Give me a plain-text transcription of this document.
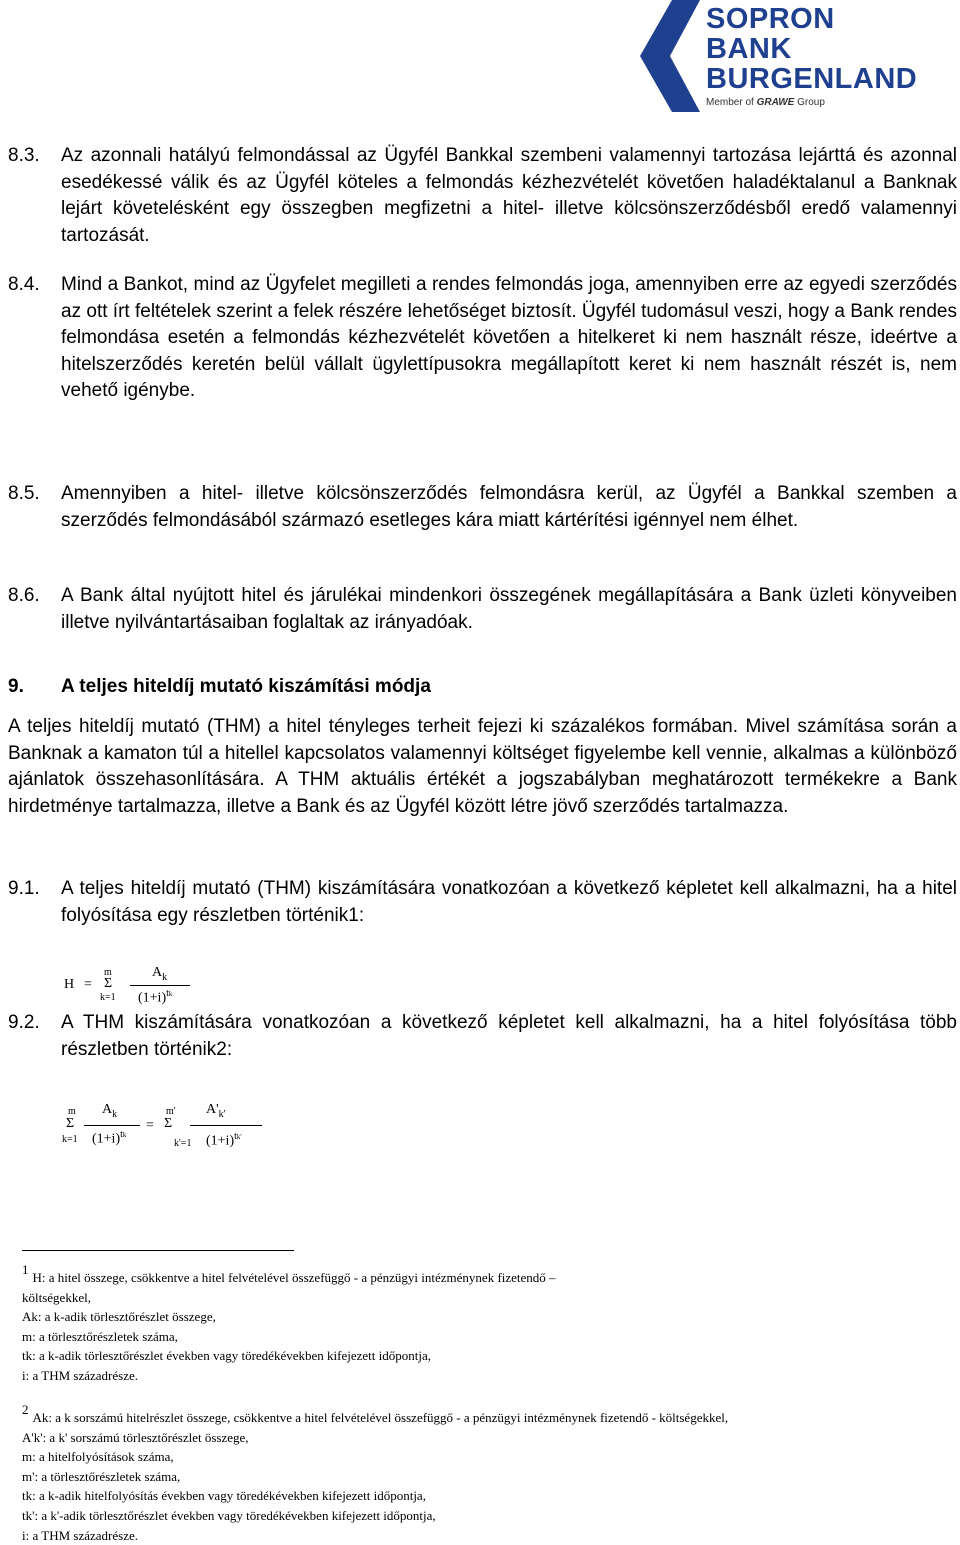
SOPRON
BANK
BURGENLAND
Member of GRAWE Group
8.3.	Az azonnali hatályú felmondással az Ügyfél Bankkal szembeni valamennyi tartozása lejárttá és azonnal esedékessé válik és az Ügyfél köteles a felmondás kézhezvételét követően haladéktalanul a Banknak lejárt követelésként egy összegben megfizetni a hitel- illetve kölcsönszerződésből eredő valamennyi tartozását.
8.4.	Mind a Bankot, mind az Ügyfelet megilleti a rendes felmondás joga, amennyiben erre az egyedi szerződés az ott írt feltételek szerint a felek részére lehetőséget biztosít. Ügyfél tudomásul veszi, hogy a Bank rendes felmondása esetén a felmondás kézhezvételét követően a hitelkeret ki nem használt része, ideértve a hitelszerződés keretén belül vállalt ügylettípusokra megállapított keret ki nem használt részét is, nem vehető igénybe.
8.5.	Amennyiben a hitel- illetve kölcsönszerződés felmondásra kerül, az Ügyfél a Bankkal szemben a szerződés felmondásából származó esetleges kára miatt kártérítési igénnyel nem élhet.
8.6.	A Bank által nyújtott hitel és járulékai mindenkori összegének megállapítására a Bank üzleti könyveiben illetve nyilvántartásaiban foglaltak az irányadóak.
9.	A teljes hiteldíj mutató kiszámítási módja
A teljes hiteldíj mutató (THM) a hitel tényleges terheit fejezi ki százalékos formában. Mivel számítása során a Banknak a kamaton túl a hitellel kapcsolatos valamennyi költséget figyelembe kell vennie, alkalmas a különböző ajánlatok összehasonlítására. A THM aktuális értékét a jogszabályban meghatározott termékekre a Bank hirdetménye tartalmazza, illetve a Bank és az Ügyfél között létre jövő szerződés tartalmazza.
9.1.	A teljes hiteldíj mutató (THM) kiszámítására vonatkozóan a következő képletet kell alkalmazni, ha a hitel folyósítása egy részletben történik1:
H =
m
Σ
k=1
$A_k$
$(1+i)^{tk}$
9.2.	A THM kiszámítására vonatkozóan a következő képletet kell alkalmazni, ha a hitel folyósítása több részletben történik2:
m
Σ
k=1
$A_k$
$(1+i)^{tk}$
=
m'
Σ
k'=1
$A'_{k'}$
$(1+i)^{tk'}$
1H: a hitel összege, csökkentve a hitel felvételével összefüggő - a pénzügyi intézménynek fizetendő –
költségekkel,
Ak: a k-adik törlesztőrészlet összege,
m: a törlesztőrészletek száma,
tk: a k-adik törlesztőrészlet években vagy töredékévekben kifejezett időpontja,
i: a THM századrésze.
2Ak: a k sorszámú hitelrészlet összege, csökkentve a hitel felvételével összefüggő - a pénzügyi intézménynek fizetendő - költségekkel,
A'k': a k' sorszámú törlesztőrészlet összege,
m: a hitelfolyósítások száma,
m': a törlesztőrészletek száma,
tk: a k-adik hitelfolyósítás években vagy töredékévekben kifejezett időpontja,
tk': a k'-adik törlesztőrészlet években vagy töredékévekben kifejezett időpontja,
i: a THM századrésze.
